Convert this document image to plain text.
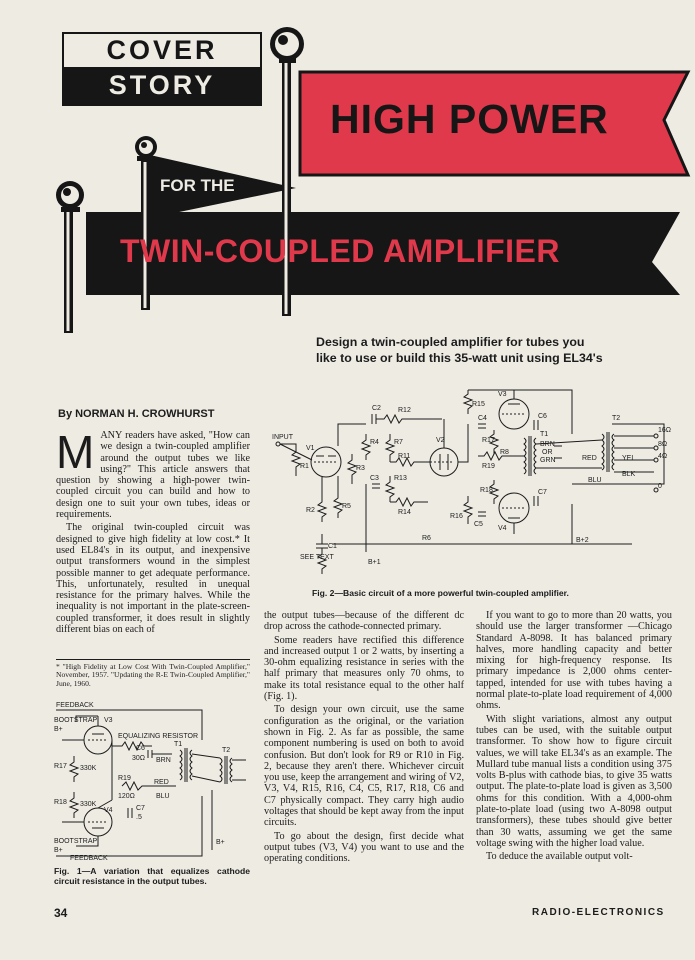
COVER
STORY
HIGH POWER
FOR THE
TWIN-COUPLED AMPLIFIER
Design a twin-coupled amplifier for tubes you
like to use or build this 35-watt unit using EL34's
By NORMAN H. CROWHURST
M ANY readers have asked, "How can we design a twin-coupled amplifier around the output tubes we like using?" This article answers that question by showing a high-power twin-coupled circuit you can build and how to design one to suit your own tubes, ideas or requirements.

The original twin-coupled circuit was designed to give high fidelity at low cost.* It used EL84's in its output, and inexpensive output transformers wound in the simplest possible manner to get adequate performance. This, unfortunately, resulted in unequal resistance for the primary halves. While the inequality is not important in the plate-screen-coupled transformer, it does result in slightly different bias on each of

* "High Fidelity at Low Cost With Twin-Coupled Amplifier," November, 1957. "Updating the R-E Twin-Coupled Amplifier," June, 1960.
FEEDBACK
BOOTSTRAP
B+
V3
EQUALIZING RESISTOR
C6
30Ω BRN
T1
T2
R17 330K
R19
120Ω
RED
BLU
R18 330K
V4	C7
.5
BOOTSTRAP
B+
FEEDBACK
B+
Fig. 1—A variation that equalizes cathode circuit resistance in the output tubes.
INPUT
R1
V1
C2 R12
R4 R7	V2
R3
R11
R13
R14
C3
R2
R5
R6
C1
SEE TEXT
B+1
B+2
R8
R15
V3
C4	C6
R17
T1
R19
R16
C5
R18
V4
C7
T2
BRN
GRN
OR
RED	YEL
BLK
BLU
16Ω
8Ω
4Ω
0
Fig. 2—Basic circuit of a more powerful twin-coupled amplifier.

the output tubes—because of the different dc drop across the cathode-connected primary.

Some readers have rectified this difference and increased output 1 or 2 watts, by inserting a 30-ohm equalizing resistance in series with the half primary that measures only 70 ohms, to make its total resistance equal to the other half (Fig. 1).

To design your own circuit, use the same configuration as the original, or the variation shown in Fig. 2. As far as possible, the same component numbering is used on both to avoid confusion. But don't look for R9 or R10 in Fig. 2, because they aren't there. Whichever circuit you use, keep the arrangement and wiring of V2, V3, V4, R15, R16, C4, C5, R17, R18, C6 and C7 physically compact. They carry high audio voltages that should be kept away from the input circuits.

To go about the design, first decide what output tubes (V3, V4) you want to use and the operating conditions.

If you want to go to more than 20 watts, you should use the larger transformer —Chicago Standard A-8098. It has balanced primary halves, more handling capacity and better mixing for high-frequency response. Its primary impedance is 2,000 ohms center-tapped, intended for use with tubes having a normal plate-to-plate load requirement of 4,000 ohms.

With slight variations, almost any output tubes can be used, with the suitable output transformer. To show how to figure circuit values, we will take EL34's as an example. The Mullard tube manual lists a condition using 375 volts B-plus with cathode bias, to give 35 watts output. The plate-to-plate load is given as 3,500 ohms for this condition. With a 4,000-ohm plate-to-plate load (using two A-8098 output transformers), these tubes should give better than 30 watts, assuming we get the same voltage swing with the higher load value.

To deduce the available output volt-

34	RADIO-ELECTRONICS
